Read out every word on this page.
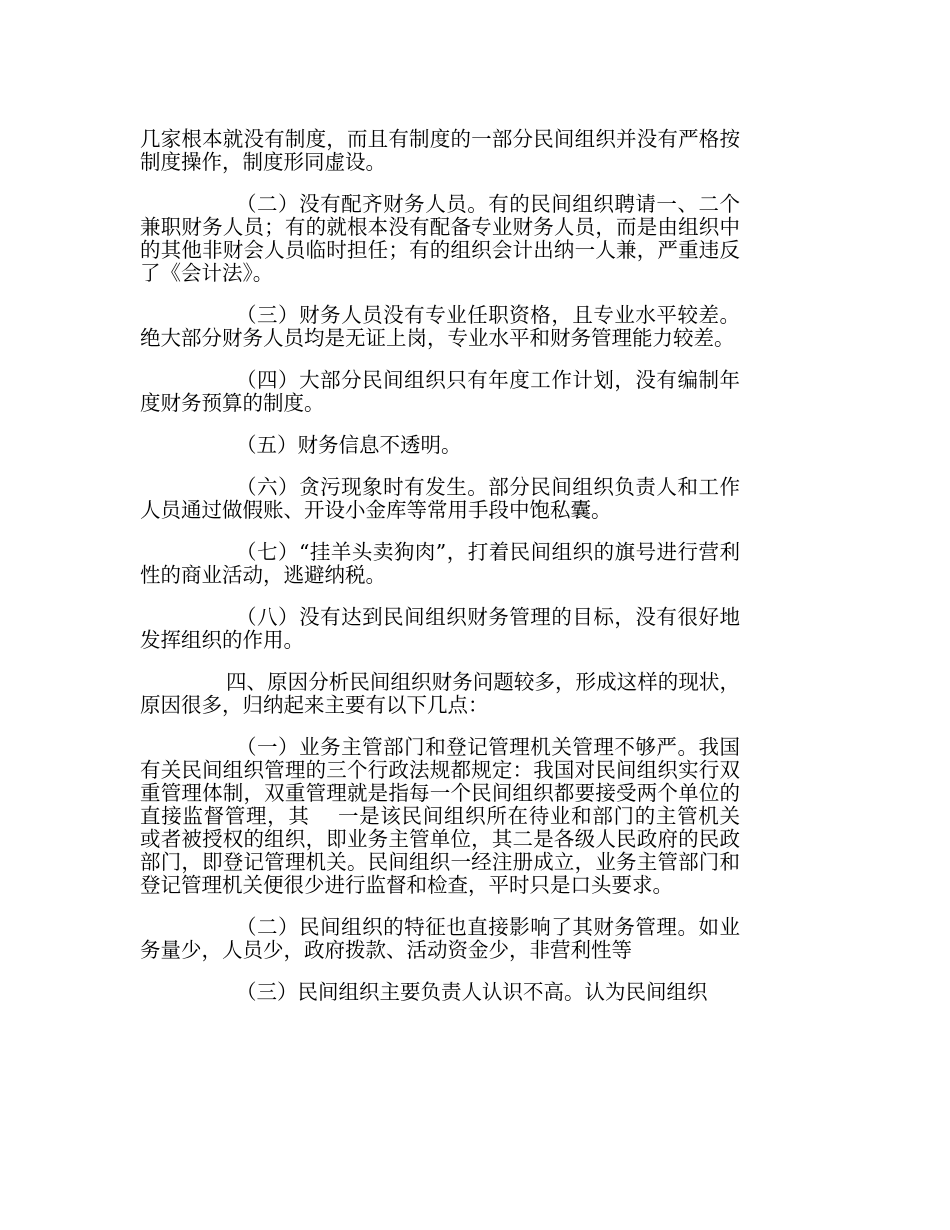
几家根本就没有制度，而且有制度的一部分民间组织并没有严格按制度操作，制度形同虚设。

（二）没有配齐财务人员。有的民间组织聘请一、二个兼职财务人员；有的就根本没有配备专业财务人员，而是由组织中的其他非财会人员临时担任；有的组织会计出纳一人兼，严重违反了《会计法》。

（三）财务人员没有专业任职资格，且专业水平较差。绝大部分财务人员均是无证上岗，专业水平和财务管理能力较差。

（四）大部分民间组织只有年度工作计划，没有编制年度财务预算的制度。

（五）财务信息不透明。

（六）贪污现象时有发生。部分民间组织负责人和工作人员通过做假账、开设小金库等常用手段中饱私囊。

（七）“挂羊头卖狗肉”，打着民间组织的旗号进行营利性的商业活动，逃避纳税。

（八）没有达到民间组织财务管理的目标，没有很好地发挥组织的作用。

四、原因分析民间组织财务问题较多，形成这样的现状，原因很多，归纳起来主要有以下几点：

（一）业务主管部门和登记管理机关管理不够严。我国有关民间组织管理的三个行政法规都规定：我国对民间组织实行双重管理体制，双重管理就是指每一个民间组织都要接受两个单位的直接监督管理，其　 一是该民间组织所在待业和部门的主管机关或者被授权的组织，即业务主管单位，其二是各级人民政府的民政部门，即登记管理机关。民间组织一经注册成立，业务主管部门和登记管理机关便很少进行监督和检查，平时只是口头要求。

（二）民间组织的特征也直接影响了其财务管理。如业务量少，人员少，政府拨款、活动资金少，非营利性等

（三）民间组织主要负责人认识不高。认为民间组织
